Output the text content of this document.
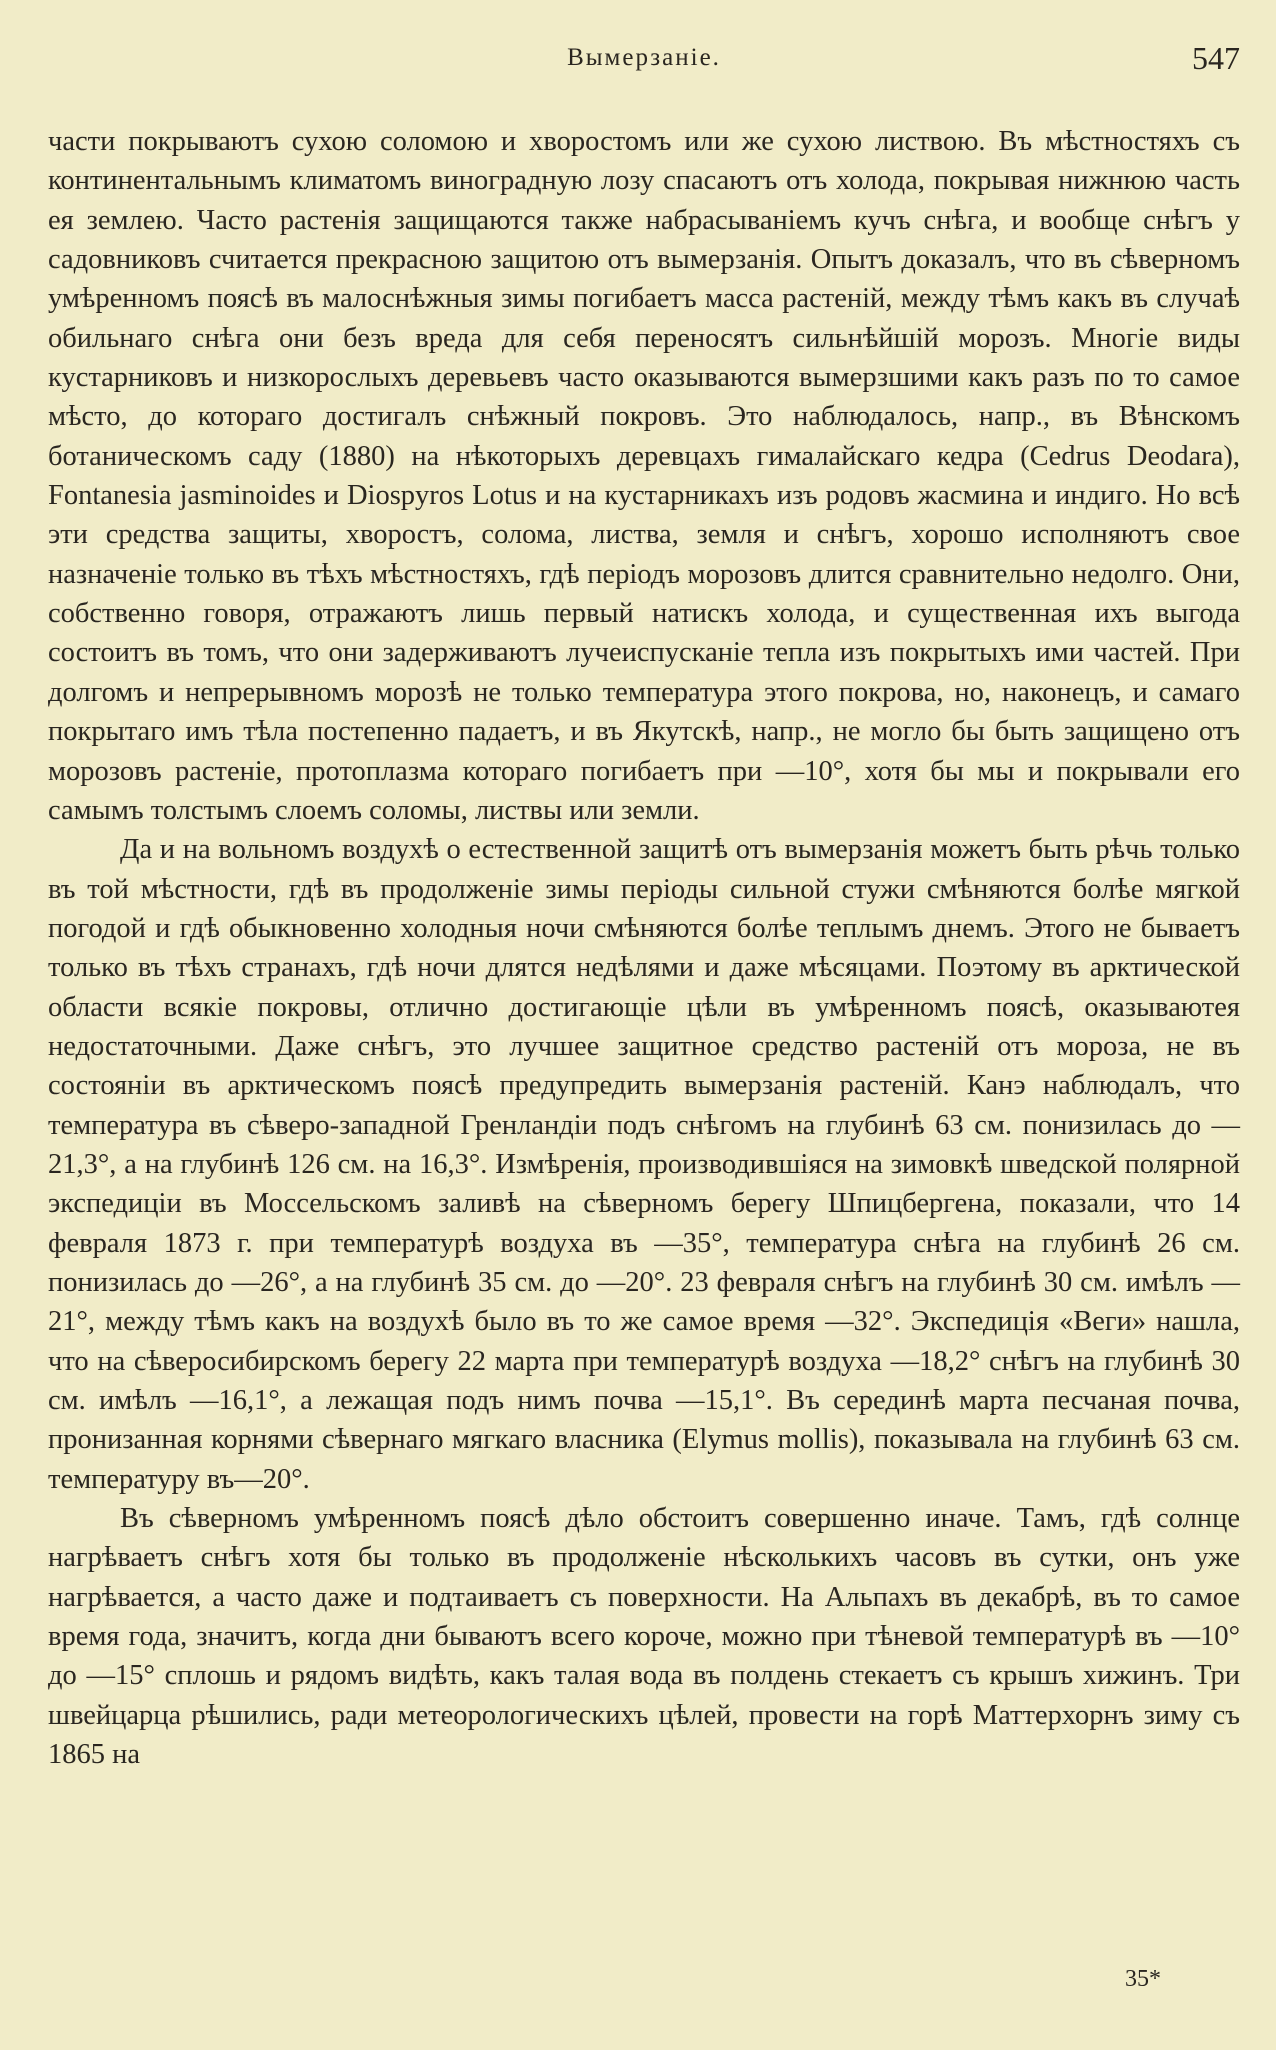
Вымерзаніе.	547

части покрываютъ сухою соломою и хворостомъ или же сухою листвою. Въ мѣстностяхъ съ континентальнымъ климатомъ виноградную лозу спасаютъ отъ холода, покрывая нижнюю часть ея землею. Часто растенія защищаются также набрасываніемъ кучъ снѣга, и вообще снѣгъ у садовниковъ считается прекрасною защитою отъ вымерзанія. Опытъ доказалъ, что въ сѣверномъ умѣренномъ поясѣ въ малоснѣжныя зимы погибаетъ масса растеній, между тѣмъ какъ въ случаѣ обильнаго снѣга они безъ вреда для себя переносятъ сильнѣйшій морозъ. Многіе виды кустарниковъ и низкорослыхъ деревьевъ часто оказываются вымерзшими какъ разъ по то самое мѣсто, до котораго достигалъ снѣжный покровъ. Это наблюдалось, напр., въ Вѣнскомъ ботаническомъ саду (1880) на нѣкоторыхъ деревцахъ гималайскаго кедра (Cedrus Deodara), Fontanesia jasminoides и Diospyros Lotus и на кустарникахъ изъ родовъ жасмина и индиго. Но всѣ эти средства защиты, хворостъ, солома, листва, земля и снѣгъ, хорошо исполняютъ свое назначеніе только въ тѣхъ мѣстностяхъ, гдѣ періодъ морозовъ длится сравнительно недолго. Они, собственно говоря, отражаютъ лишь первый натискъ холода, и существенная ихъ выгода состоитъ въ томъ, что они задерживаютъ лучеиспусканіе тепла изъ покрытыхъ ими частей. При долгомъ и непрерывномъ морозѣ не только температура этого покрова, но, наконецъ, и самаго покрытаго имъ тѣла постепенно падаетъ, и въ Якутскѣ, напр., не могло бы быть защищено отъ морозовъ растеніе, протоплазма котораго погибаетъ при —10°, хотя бы мы и покрывали его самымъ толстымъ слоемъ соломы, листвы или земли.

Да и на вольномъ воздухѣ о естественной защитѣ отъ вымерзанія можетъ быть рѣчь только въ той мѣстности, гдѣ въ продолженіе зимы періоды сильной стужи смѣняются болѣе мягкой погодой и гдѣ обыкновенно холодныя ночи смѣняются болѣе теплымъ днемъ. Этого не бываетъ только въ тѣхъ странахъ, гдѣ ночи длятся недѣлями и даже мѣсяцами. Поэтому въ арктической области всякіе покровы, отлично достигающіе цѣли въ умѣренномъ поясѣ, оказываютея недостаточными. Даже снѣгъ, это лучшее защитное средство растеній отъ мороза, не въ состояніи въ арктическомъ поясѣ предупредить вымерзанія растеній. Канэ наблюдалъ, что температура въ сѣверо-западной Гренландіи подъ снѣгомъ на глубинѣ 63 см. понизилась до —21,3°, а на глубинѣ 126 см. на 16,3°. Измѣренія, производившіяся на зимовкѣ шведской полярной экспедиціи въ Моссельскомъ заливѣ на сѣверномъ берегу Шпицбергена, показали, что 14 февраля 1873 г. при температурѣ воздуха въ —35°, температура снѣга на глубинѣ 26 см. понизилась до —26°, а на глубинѣ 35 см. до —20°. 23 февраля снѣгъ на глубинѣ 30 см. имѣлъ —21°, между тѣмъ какъ на воздухѣ было въ то же самое время —32°. Экспедиція «Веги» нашла, что на сѣверосибирскомъ берегу 22 марта при температурѣ воздуха —18,2° снѣгъ на глубинѣ 30 см. имѣлъ —16,1°, а лежащая подъ нимъ почва —15,1°. Въ серединѣ марта песчаная почва, пронизанная корнями сѣвернаго мягкаго власника (Elymus mollis), показывала на глубинѣ 63 см. температуру въ—20°.

Въ сѣверномъ умѣренномъ поясѣ дѣло обстоитъ совершенно иначе. Тамъ, гдѣ солнце нагрѣваетъ снѣгъ хотя бы только въ продолженіе нѣсколькихъ часовъ въ сутки, онъ уже нагрѣвается, а часто даже и подтаиваетъ съ поверхности. На Альпахъ въ декабрѣ, въ то самое время года, значитъ, когда дни бываютъ всего короче, можно при тѣневой температурѣ въ —10° до —15° сплошь и рядомъ видѣть, какъ талая вода въ полдень стекаетъ съ крышъ хижинъ. Три швейцарца рѣшились, ради метеорологическихъ цѣлей, провести на горѣ Маттерхорнъ зиму съ 1865 на

35*
